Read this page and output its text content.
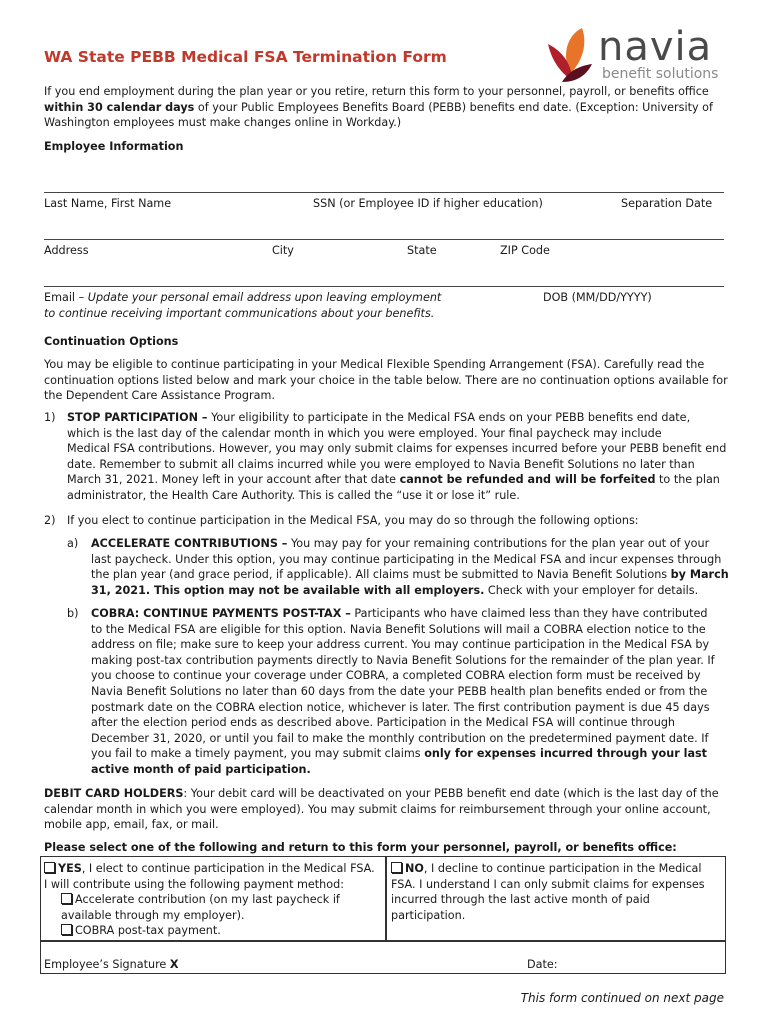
WA State PEBB Medical FSA Termination Form	navia
benefit solutions
If you end employment during the plan year or you retire, return this form to your personnel, payroll, or benefits office
within 30 calendar days of your Public Employees Benefits Board (PEBB) benefits end date. (Exception: University of
Washington employees must make changes online in Workday.)
Employee Information
Last Name, First Name	SSN (or Employee ID if higher education)	Separation Date
Address	City	State	ZIP Code
Email – Update your personal email address upon leaving employment
to continue receiving important communications about your benefits.
DOB (MM/DD/YYYY)
Continuation Options
You may be eligible to continue participating in your Medical Flexible Spending Arrangement (FSA). Carefully read the
continuation options listed below and mark your choice in the table below. There are no continuation options available for
the Dependent Care Assistance Program.
1) STOP PARTICIPATION – Your eligibility to participate in the Medical FSA ends on your PEBB benefits end date,
which is the last day of the calendar month in which you were employed. Your final paycheck may include
Medical FSA contributions. However, you may only submit claims for expenses incurred before your PEBB benefit end
date. Remember to submit all claims incurred while you were employed to Navia Benefit Solutions no later than
March 31, 2021. Money left in your account after that date cannot be refunded and will be forfeited to the plan
administrator, the Health Care Authority. This is called the “use it or lose it” rule.
2) If you elect to continue participation in the Medical FSA, you may do so through the following options:
a) ACCELERATE CONTRIBUTIONS – You may pay for your remaining contributions for the plan year out of your
last paycheck. Under this option, you may continue participating in the Medical FSA and incur expenses through
the plan year (and grace period, if applicable). All claims must be submitted to Navia Benefit Solutions by March
31, 2021. This option may not be available with all employers. Check with your employer for details.
b) COBRA: CONTINUE PAYMENTS POST-TAX – Participants who have claimed less than they have contributed
to the Medical FSA are eligible for this option. Navia Benefit Solutions will mail a COBRA election notice to the
address on file; make sure to keep your address current. You may continue participation in the Medical FSA by
making post-tax contribution payments directly to Navia Benefit Solutions for the remainder of the plan year. If
you choose to continue your coverage under COBRA, a completed COBRA election form must be received by
Navia Benefit Solutions no later than 60 days from the date your PEBB health plan benefits ended or from the
postmark date on the COBRA election notice, whichever is later. The first contribution payment is due 45 days
after the election period ends as described above. Participation in the Medical FSA will continue through
December 31, 2020, or until you fail to make the monthly contribution on the predetermined payment date. If
you fail to make a timely payment, you may submit claims only for expenses incurred through your last
active month of paid participation.
DEBIT CARD HOLDERS: Your debit card will be deactivated on your PEBB benefit end date (which is the last day of the
calendar month in which you were employed). You may submit claims for reimbursement through your online account,
mobile app, email, fax, or mail.
Please select one of the following and return to this form your personnel, payroll, or benefits office:
YES, I elect to continue participation in the Medical FSA.
I will contribute using the following payment method:
Accelerate contribution (on my last paycheck if
available through my employer).
COBRA post-tax payment.
NO, I decline to continue participation in the Medical
FSA. I understand I can only submit claims for expenses
incurred through the last active month of paid
participation.
Employee’s Signature X	Date:
This form continued on next page
